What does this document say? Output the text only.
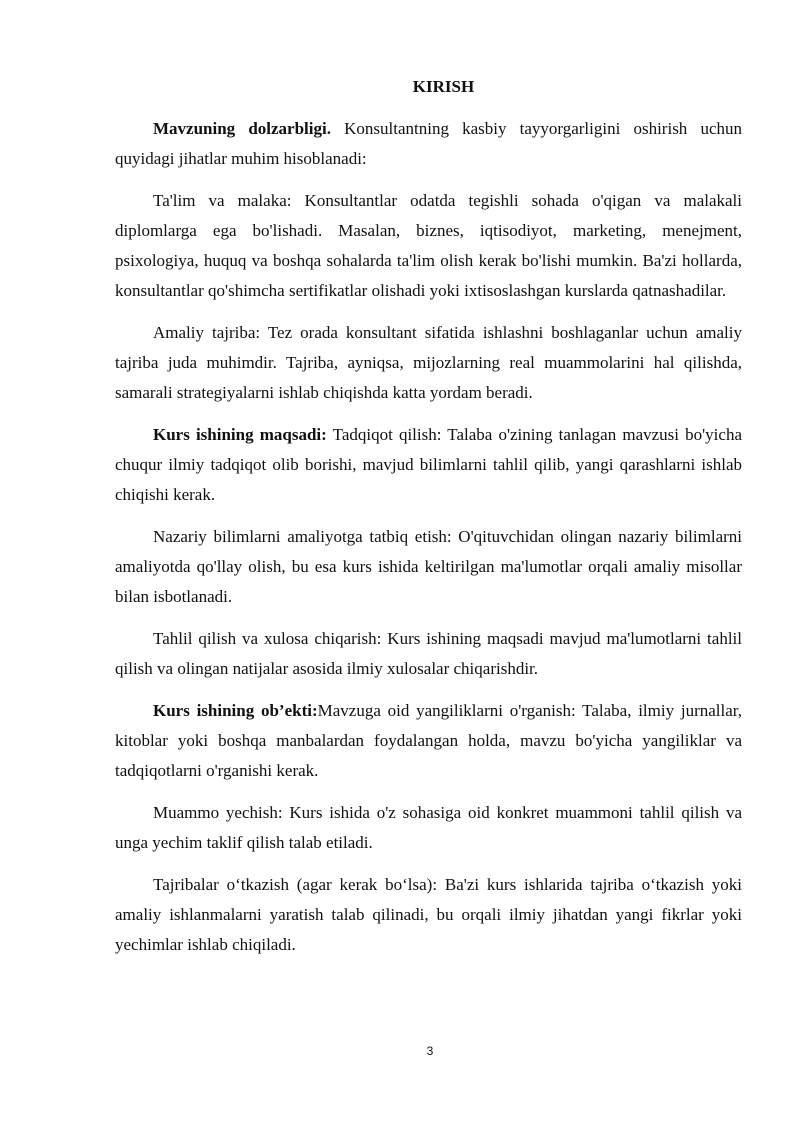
KIRISH

Mavzuning dolzarbligi. Konsultantning kasbiy tayyorgarligini oshirish uchun quyidagi jihatlar muhim hisoblanadi:

Ta'lim va malaka: Konsultantlar odatda tegishli sohada o'qigan va malakali diplomlarga ega bo'lishadi. Masalan, biznes, iqtisodiyot, marketing, menejment, psixologiya, huquq va boshqa sohalarda ta'lim olish kerak bo'lishi mumkin. Ba'zi hollarda, konsultantlar qo'shimcha sertifikatlar olishadi yoki ixtisoslashgan kurslarda qatnashadilar.

Amaliy tajriba: Tez orada konsultant sifatida ishlashni boshlaganlar uchun amaliy tajriba juda muhimdir. Tajriba, ayniqsa, mijozlarning real muammolarini hal qilishda, samarali strategiyalarni ishlab chiqishda katta yordam beradi.

Kurs ishining maqsadi: Tadqiqot qilish: Talaba o'zining tanlagan mavzusi bo'yicha chuqur ilmiy tadqiqot olib borishi, mavjud bilimlarni tahlil qilib, yangi qarashlarni ishlab chiqishi kerak.

Nazariy bilimlarni amaliyotga tatbiq etish: O'qituvchidan olingan nazariy bilimlarni amaliyotda qo'llay olish, bu esa kurs ishida keltirilgan ma'lumotlar orqali amaliy misollar bilan isbotlanadi.

Tahlil qilish va xulosa chiqarish: Kurs ishining maqsadi mavjud ma'lumotlarni tahlil qilish va olingan natijalar asosida ilmiy xulosalar chiqarishdir.

Kurs ishining ob’ekti:Mavzuga oid yangiliklarni o'rganish: Talaba, ilmiy jurnallar, kitoblar yoki boshqa manbalardan foydalangan holda, mavzu bo'yicha yangiliklar va tadqiqotlarni o'rganishi kerak.

Muammo yechish: Kurs ishida o'z sohasiga oid konkret muammoni tahlil qilish va unga yechim taklif qilish talab etiladi.

Tajribalar o‘tkazish (agar kerak bo‘lsa): Ba'zi kurs ishlarida tajriba o‘tkazish yoki amaliy ishlanmalarni yaratish talab qilinadi, bu orqali ilmiy jihatdan yangi fikrlar yoki yechimlar ishlab chiqiladi.

3
